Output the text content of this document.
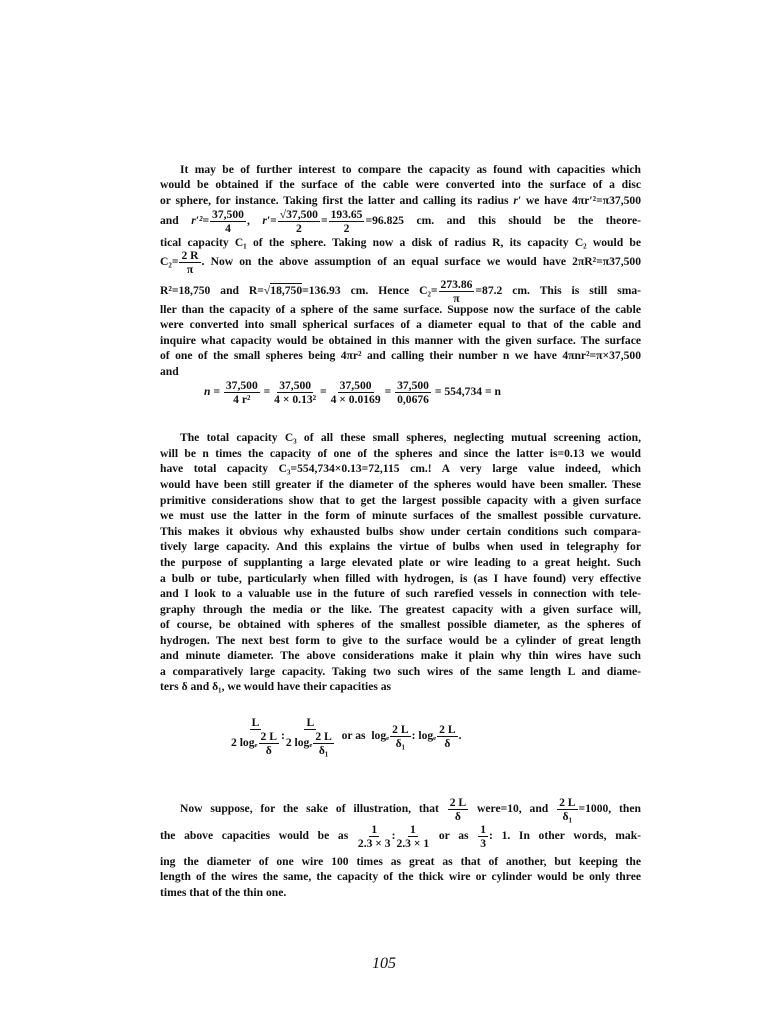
It may be of further interest to compare the capacity as found with capacities which
would be obtained if the surface of the cable were converted into the surface of a disc
or sphere, for instance. Taking first the latter and calling its radius r′ we have 4πr′²=π37,500
and $r'^2= \frac{37,500}{4}$ , $r'= \frac{√37,500}{2} = \frac{193.65}{2} =96.825$ cm. and this should be the theore-
tical capacity C₁ of the sphere. Taking now a disk of radius R, its capacity C₂ would be
$C_2= \frac{2 R}{\pi}$ . Now on the above assumption of an equal surface we would have 2πR²=π37,500
R²=18,750 and R=√18,750=136.93 cm. Hence $C_2= \frac{273.86}{\pi} =87.2$ cm. This is still sma-
ller than the capacity of a sphere of the same surface. Suppose now the surface of the cable
were converted into small spherical surfaces of a diameter equal to that of the cable and
inquire what capacity would be obtained in this manner with the given surface. The surface
of one of the small spheres being 4πr² and calling their number n we have 4πnr²=π×37,500
and
$n = \frac{37,500}{\text{4 r²}} = \frac{37,500}{\text{4 × 0.13²}} = \frac{37,500}{4 \times 0.0169} = \frac{37,500}{0,0676} = 554,734 = n$
The total capacity C₃ of all these small spheres, neglecting mutual screening action,
will be n times the capacity of one of the spheres and since the latter is=0.13 we would
have total capacity C₃=554,734×0.13=72,115 cm.! A very large value indeed, which
would have been still greater if the diameter of the spheres would have been smaller. These
primitive considerations show that to get the largest possible capacity with a given surface
we must use the latter in the form of minute surfaces of the smallest possible curvature.
This makes it obvious why exhausted bulbs show under certain conditions such compara-
tively large capacity. And this explains the virtue of bulbs when used in telegraphy for
the purpose of supplanting a large elevated plate or wire leading to a great height. Such
a bulb or tube, particularly when filled with hydrogen, is (as I have found) very effective
and I look to a valuable use in the future of such rarefied vessels in connection with tele-
graphy through the media or the like. The greatest capacity with a given surface will,
of course, be obtained with spheres of the smallest possible diameter, as the spheres of
hydrogen. The next best form to give to the surface would be a cylinder of great length
and minute diameter. The above considerations make it plain why thin wires have such
a comparatively large capacity. Taking two such wires of the same length L and diame-
ters δ and δ₁, we would have their capacities as
$\frac{L}{2 \log_e \frac{2 L}{\delta}}$ : $\frac{L}{2 \log_e \frac{2 L}{\text{δ₁}}}$ or as logₑ $\frac{2 L}{\text{δ₁}}$ : logₑ $\frac{2 L}{\delta}$ .
Now suppose, for the sake of illustration, that $\frac{2 L}{\delta}$ were=10, and $\frac{2 L}{\text{δ₁}} =1000$, then
the above capacities would be as $\frac{1}{2.3 \times 3}$ : $\frac{1}{2.3 \times 1}$ or as $\frac{1}{3}$ : 1. In other words, mak-
ing the diameter of one wire 100 times as great as that of another, but keeping the
length of the wires the same, the capacity of the thick wire or cylinder would be only three
times that of the thin one.
105
